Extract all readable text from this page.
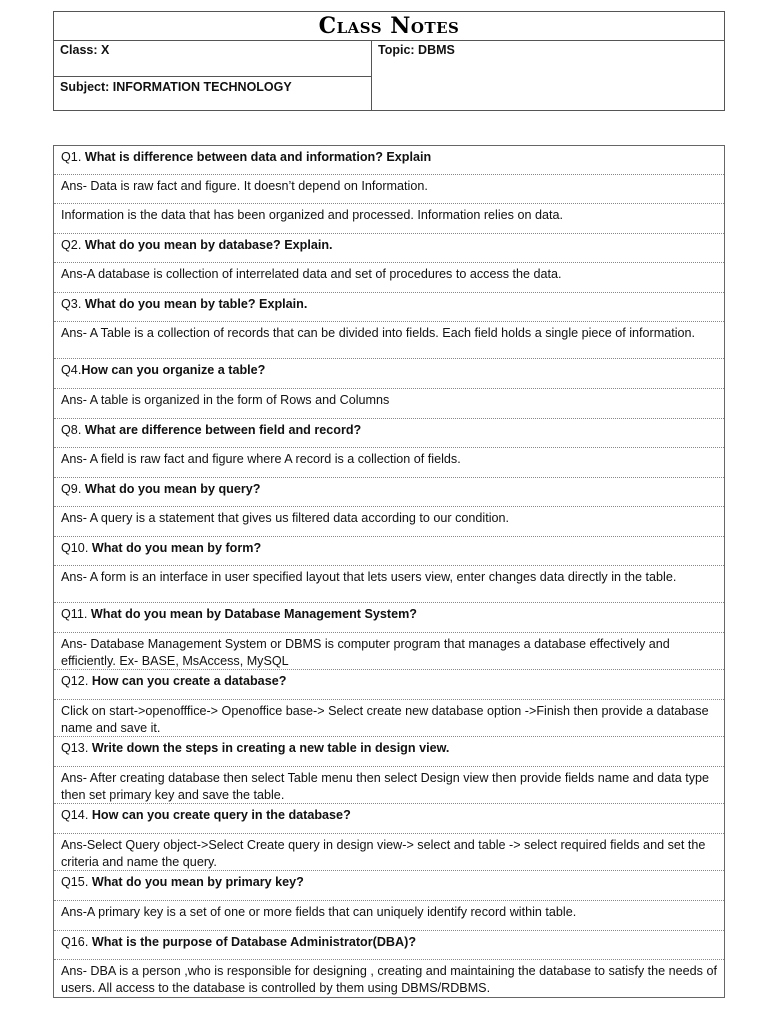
Class Notes
Class: X
Subject: INFORMATION TECHNOLOGY
Topic: DBMS
Q1. What is difference between data and information? Explain
Ans- Data is raw fact and figure. It doesn’t depend on Information.
Information is the data that has been organized and processed. Information relies on data.
Q2. What do you mean by database? Explain.
Ans-A database is collection of interrelated data and set of procedures to access the data.
Q3. What do you mean by table? Explain.
Ans- A Table is a collection of records that can be divided into fields. Each field holds a single piece of information.
Q4.How can you organize a table?
Ans- A table is organized in the form of Rows and Columns
Q8. What are difference between field and record?
Ans- A field is raw fact and figure where A record is a collection of fields.
Q9. What do you mean by query?
Ans- A query is a statement that gives us filtered data according to our condition.
Q10. What do you mean by form?
Ans- A form is an interface in user specified layout that lets users view, enter changes data directly in the table.
Q11. What do you mean by Database Management System?
Ans- Database Management System or DBMS is computer program that manages a database effectively and efficiently. Ex- BASE, MsAccess, MySQL
Q12. How can you create a database?
Click on start->openofffice-> Openoffice base-> Select create new database option ->Finish then provide a database name and save it.
Q13. Write down the steps in creating a new table in design view.
Ans- After creating database then select Table menu then select Design view then provide fields name and data type then set primary key and save the table.
Q14. How can you create query in the database?
Ans-Select Query object->Select Create query in design view-> select and table -> select required fields and set the criteria and name the query.
Q15. What do you mean by primary key?
Ans-A primary key is a set of one or more fields that can uniquely identify record within table.
Q16. What is the purpose of Database Administrator(DBA)?
Ans- DBA is a person ,who is responsible for designing , creating and maintaining the database to satisfy the needs of users. All access to the database is controlled by them using DBMS/RDBMS.
